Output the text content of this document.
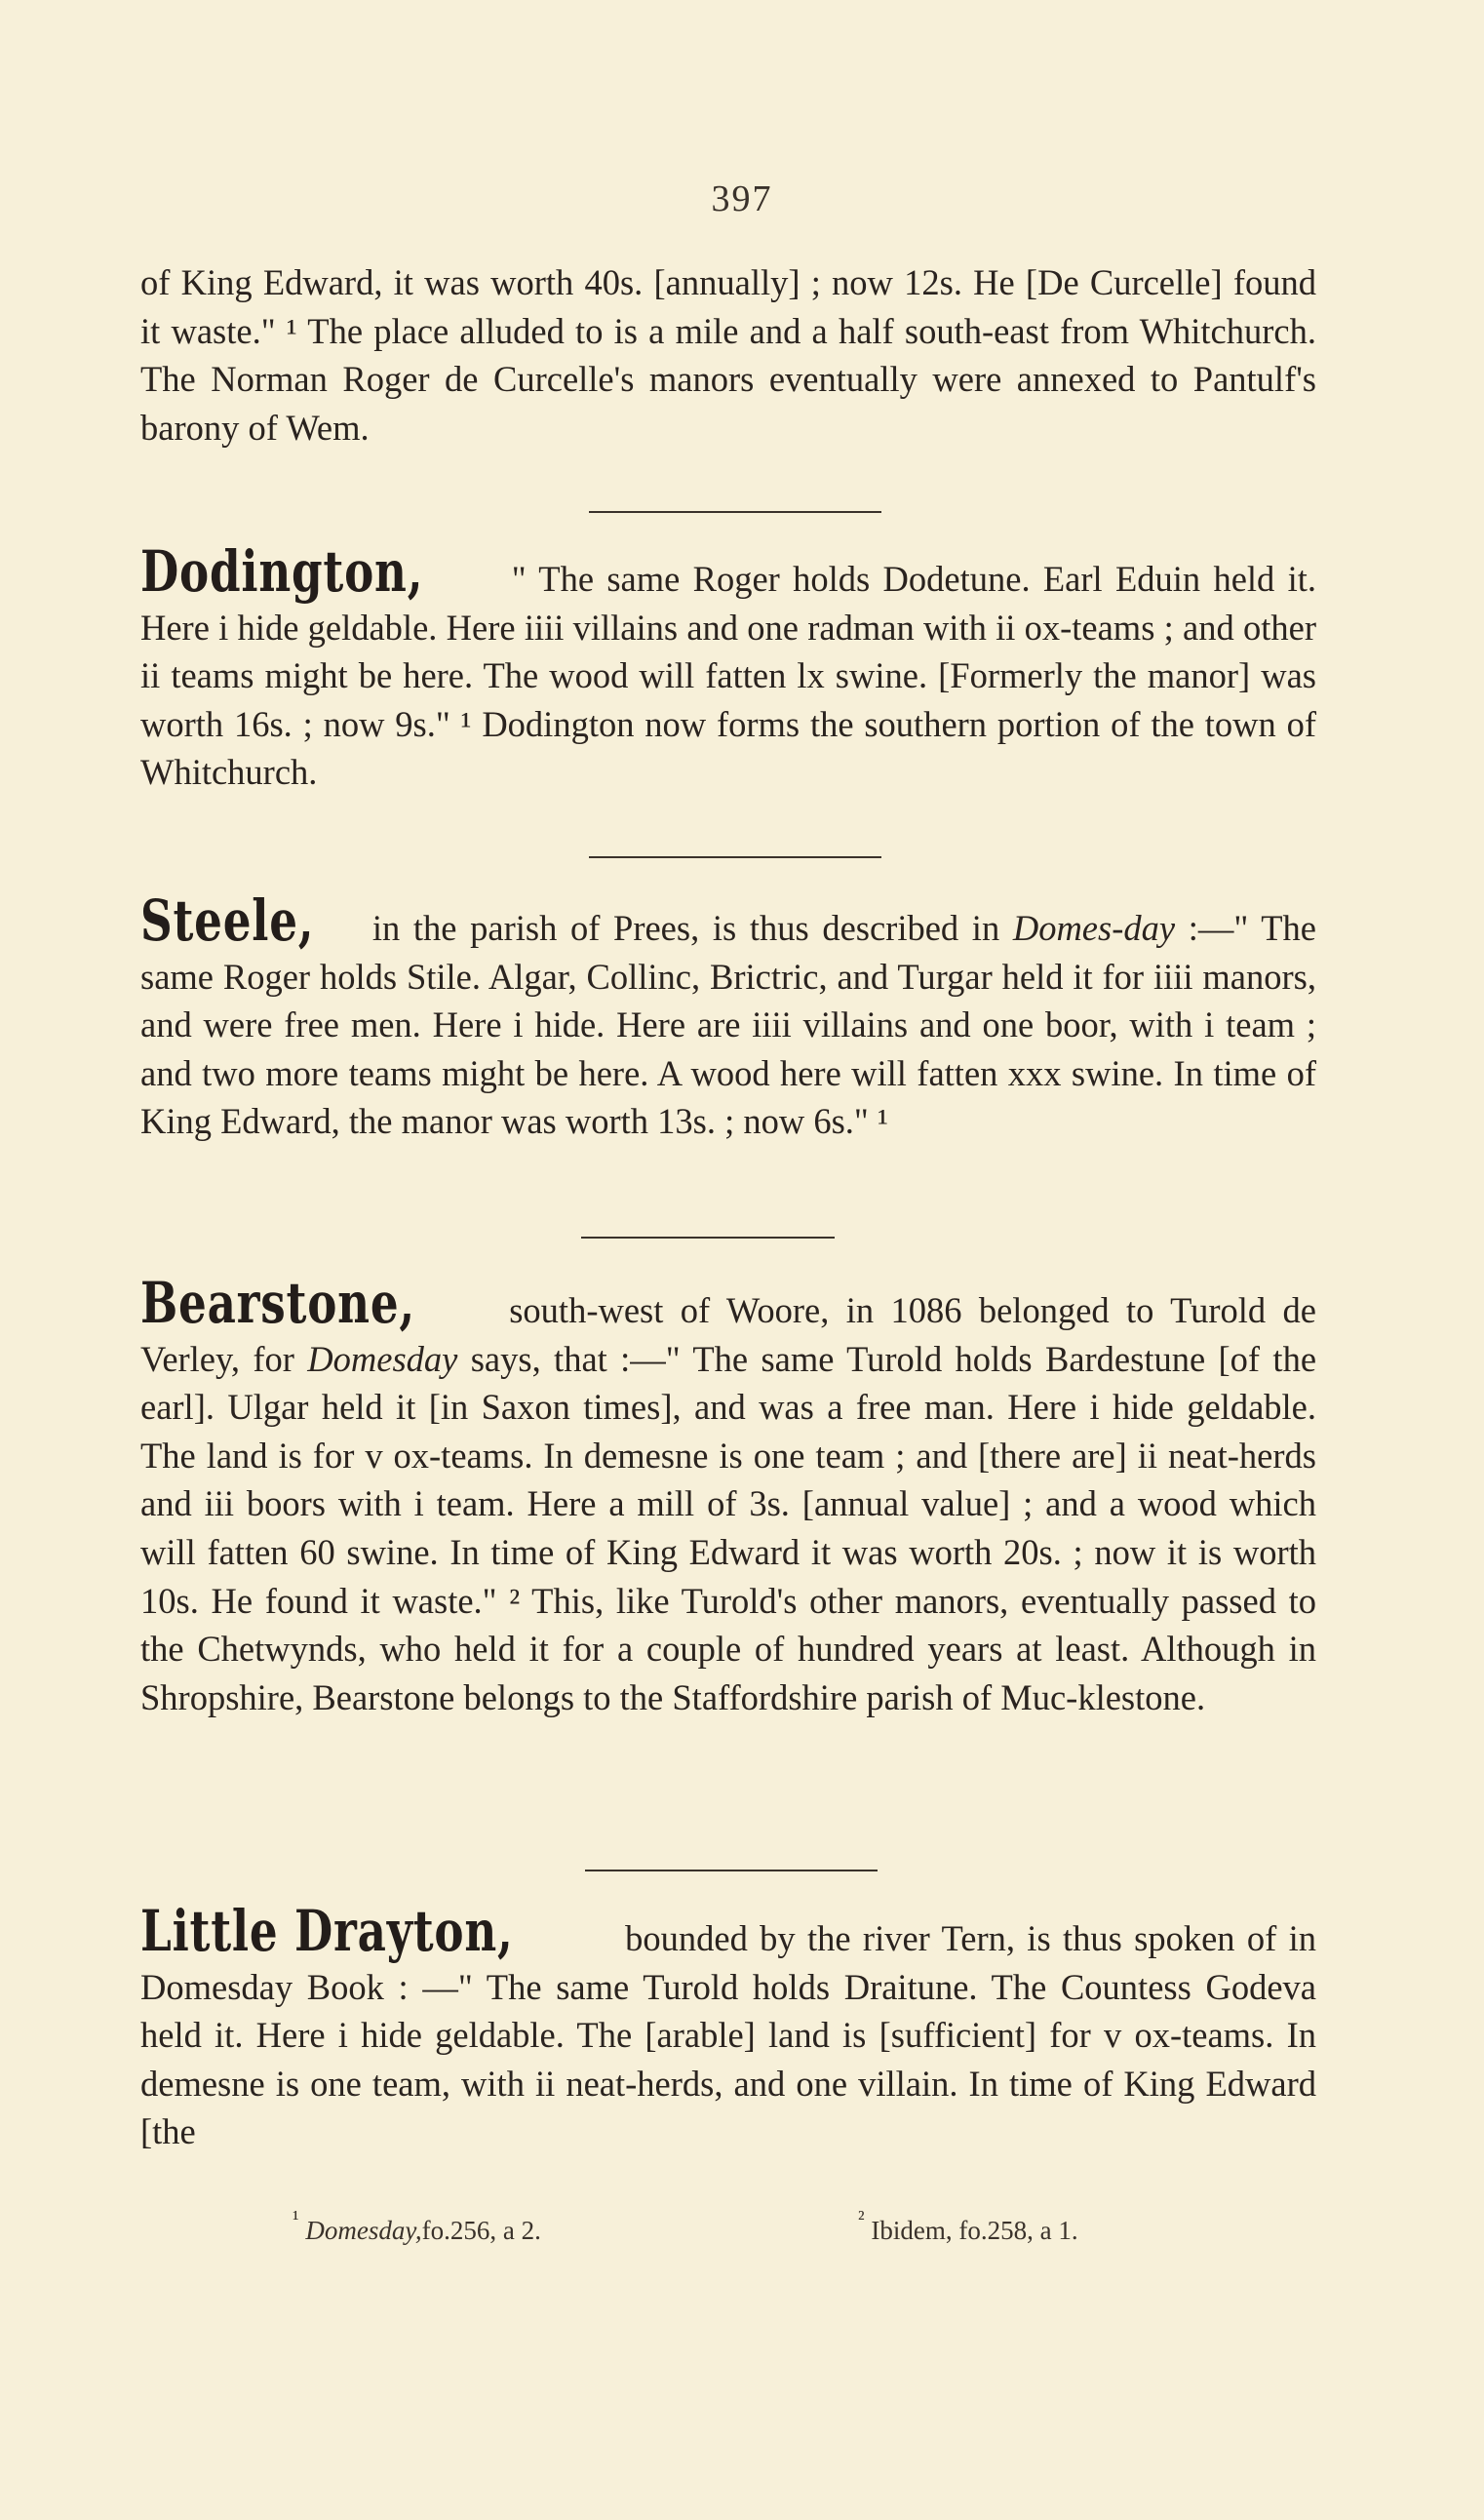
397

of King Edward, it was worth 40s. [annually] ; now 12s. He [De Curcelle] found it waste." ¹ The place alluded to is a mile and a half south-east from Whitchurch. The Norman Roger de Curcelle's manors eventually were annexed to Pantulf's barony of Wem.

Dodington, " The same Roger holds Dodetune. Earl Eduin held it. Here i hide geldable. Here iiii villains and one radman with ii ox-teams ; and other ii teams might be here. The wood will fatten lx swine. [Formerly the manor] was worth 16s. ; now 9s." ¹ Dodington now forms the southern portion of the town of Whitchurch.

Steele, in the parish of Prees, is thus described in Domes-day :—" The same Roger holds Stile. Algar, Collinc, Brictric, and Turgar held it for iiii manors, and were free men. Here i hide. Here are iiii villains and one boor, with i team ; and two more teams might be here. A wood here will fatten xxx swine. In time of King Edward, the manor was worth 13s. ; now 6s." ¹

Bearstone,	south-west of Woore, in 1086 belonged to Turold de Verley, for Domesday says, that :—" The same Turold holds Bardestune [of the earl]. Ulgar held it [in Saxon times], and was a free man. Here i hide geldable. The land is for v ox-teams. In demesne is one team ; and [there are] ii neat-herds and iii boors with i team. Here a mill of 3s. [annual value] ; and a wood which will fatten 60 swine. In time of King Edward it was worth 20s. ; now it is worth 10s. He found it waste." ² This, like Turold's other manors, eventually passed to the Chetwynds, who held it for a couple of hundred years at least. Although in Shropshire, Bearstone belongs to the Staffordshire parish of Muc-klestone.

Little Drayton,	bounded by the river Tern, is thus spoken of in Domesday Book : —" The same Turold holds Draitune. The Countess Godeva held it. Here i hide geldable. The [arable] land is [sufficient] for v ox-teams. In demesne is one team, with ii neat-herds, and one villain. In time of King Edward [the

$^{^1}$ Domesday,fo.256, a 2.	$^{^2}$ Ibidem, fo.258, a 1.
